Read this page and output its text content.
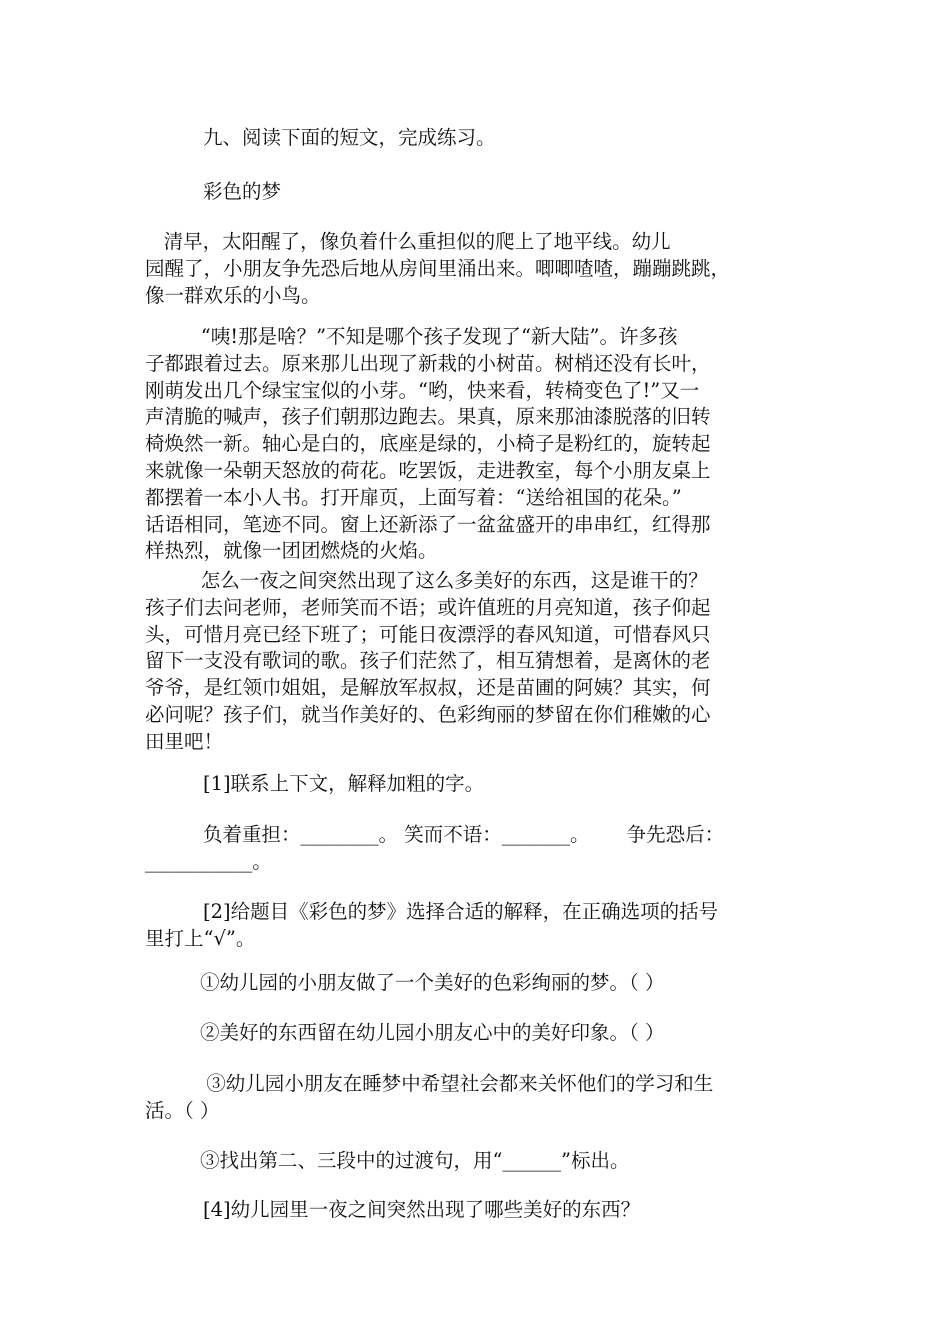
九、阅读下面的短文，完成练习。
彩色的梦
清早，太阳醒了，像负着什么重担似的爬上了地平线。幼儿
园醒了，小朋友争先恐后地从房间里涌出来。唧唧喳喳，蹦蹦跳跳，
像一群欢乐的小鸟。
“咦!那是啥？”不知是哪个孩子发现了“新大陆”。许多孩
子都跟着过去。原来那儿出现了新栽的小树苗。树梢还没有长叶，
刚萌发出几个绿宝宝似的小芽。“哟，快来看，转椅变色了!”又一
声清脆的喊声，孩子们朝那边跑去。果真，原来那油漆脱落的旧转
椅焕然一新。轴心是白的，底座是绿的，小椅子是粉红的，旋转起
来就像一朵朝天怒放的荷花。吃罢饭，走进教室，每个小朋友桌上
都摆着一本小人书。打开扉页，上面写着：“送给祖国的花朵。”
话语相同，笔迹不同。窗上还新添了一盆盆盛开的串串红，红得那
样热烈，就像一团团燃烧的火焰。
怎么一夜之间突然出现了这么多美好的东西，这是谁干的？
孩子们去问老师，老师笑而不语；或许值班的月亮知道，孩子仰起
头，可惜月亮已经下班了；可能日夜漂浮的春风知道，可惜春风只
留下一支没有歌词的歌。孩子们茫然了，相互猜想着，是离休的老
爷爷，是红领巾姐姐，是解放军叔叔，还是苗圃的阿姨？其实，何
必问呢？孩子们，就当作美好的、色彩绚丽的梦留在你们稚嫩的心
田里吧！
[1]联系上下文，解释加粗的字。
负着重担：________。 笑而不语：_______。      争先恐后：
___________。
[2]给题目《彩色的梦》选择合适的解释，在正确选项的括号
里打上“√”。
①幼儿园的小朋友做了一个美好的色彩绚丽的梦。（ ）
②美好的东西留在幼儿园小朋友心中的美好印象。（ ）
③幼儿园小朋友在睡梦中希望社会都来关怀他们的学习和生
活。（ ）
③找出第二、三段中的过渡句，用“______”标出。
[4]幼儿园里一夜之间突然出现了哪些美好的东西？
